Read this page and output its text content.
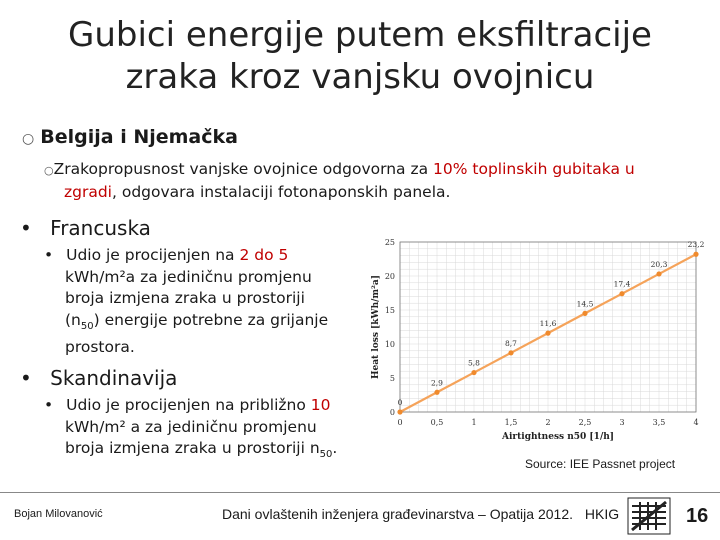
Gubici energije putem eksfiltracije
zraka kroz vanjsku ovojnicu
○ Belgija i Njemačka
○Zrakopropusnost vanjske ovojnice odgovorna za 10% toplinskih gubitaka u
zgradi, odgovara instalaciji fotonaponskih panela.
• Francuska
• Udio je procijenjen na 2 do 5
kWh/m²a za jediničnu promjenu
broja izmjena zraka u prostoriji
$(n_{50})$ energije potrebne za grijanje
prostora.
• Skandinavija
• Udio je procijenjen na približno 10
kWh/m² a za jediničnu promjenu
broja izmjena zraka u prostoriji $n_{50}$.
0	0,5	1	1,5	2	2,5	3	3,5	4
0
5
10
15
20
25
Airtightness n50 [1/h]
Heat loss [kWh/m²a]
0
2,9
5,8
8,7
11,6
14,5
17,4
20,3
23,2
Source: IEE Passnet project
Bojan Milovanović	Dani ovlaštenih inženjera građevinarstva – Opatija 2012. HKIG	16
